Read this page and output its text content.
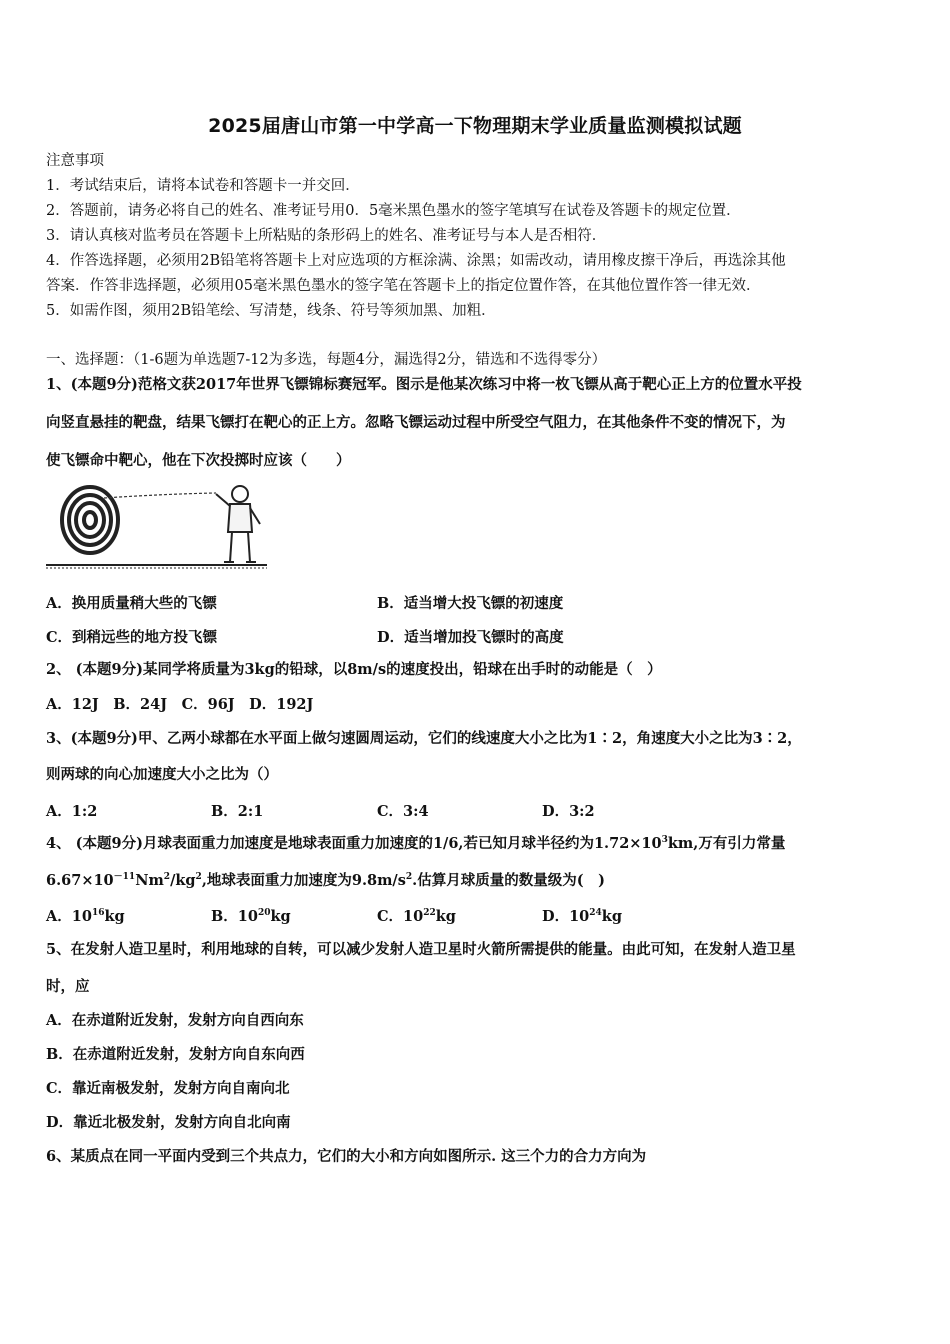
2025届唐山市第一中学高一下物理期末学业质量监测模拟试题
注意事项
1．考试结束后，请将本试卷和答题卡一并交回．
2．答题前，请务必将自己的姓名、准考证号用0．5毫米黑色墨水的签字笔填写在试卷及答题卡的规定位置．
3．请认真核对监考员在答题卡上所粘贴的条形码上的姓名、准考证号与本人是否相符．
4．作答选择题，必须用2B铅笔将答题卡上对应选项的方框涂满、涂黑；如需改动，请用橡皮擦干净后，再选涂其他
答案．作答非选择题，必须用05毫米黑色墨水的签字笔在答题卡上的指定位置作答，在其他位置作答一律无效．
5．如需作图，须用2B铅笔绘、写清楚，线条、符号等须加黑、加粗．
一、选择题：（1-6题为单选题7-12为多选，每题4分，漏选得2分，错选和不选得零分）
1、(本题9分)范格文获2017年世界飞镖锦标赛冠军。图示是他某次练习中将一枚飞镖从高于靶心正上方的位置水平投
向竖直悬挂的靶盘，结果飞镖打在靶心的正上方。忽略飞镖运动过程中所受空气阻力，在其他条件不变的情况下，为
使飞镖命中靶心，他在下次投掷时应该（　　）
A．换用质量稍大些的飞镖	B．适当增大投飞镖的初速度
C．到稍远些的地方投飞镖	D．适当增加投飞镖时的高度
2、 (本题9分)某同学将质量为3kg的铅球，以8m/s的速度投出，铅球在出手时的动能是（　）
A．12J　B．24J　C．96J　D．192J
3、(本题9分)甲、乙两小球都在水平面上做匀速圆周运动，它们的线速度大小之比为1∶2，角速度大小之比为3∶2，
则两球的向心加速度大小之比为（）
A．1:2	B．2:1	C．3:4	D．3:2
4、 (本题9分)月球表面重力加速度是地球表面重力加速度的1/6,若已知月球半径约为$1.72\times 10^3km$,万有引力常量
$6.67\times 10^{-11}Nm^2/kg^2$,地球表面重力加速度为$9.8m/s^2$.估算月球质量的数量级为(　)
A．$10^{16}kg$	B．$10^{20}kg$	C．$10^{22}kg$	D．$10^{24}kg$
5、在发射人造卫星时，利用地球的自转，可以减少发射人造卫星时火箭所需提供的能量。由此可知，在发射人造卫星
时，应
A．在赤道附近发射，发射方向自西向东
B．在赤道附近发射，发射方向自东向西
C．靠近南极发射，发射方向自南向北
D．靠近北极发射，发射方向自北向南
6、某质点在同一平面内受到三个共点力，它们的大小和方向如图所示. 这三个力的合力方向为
